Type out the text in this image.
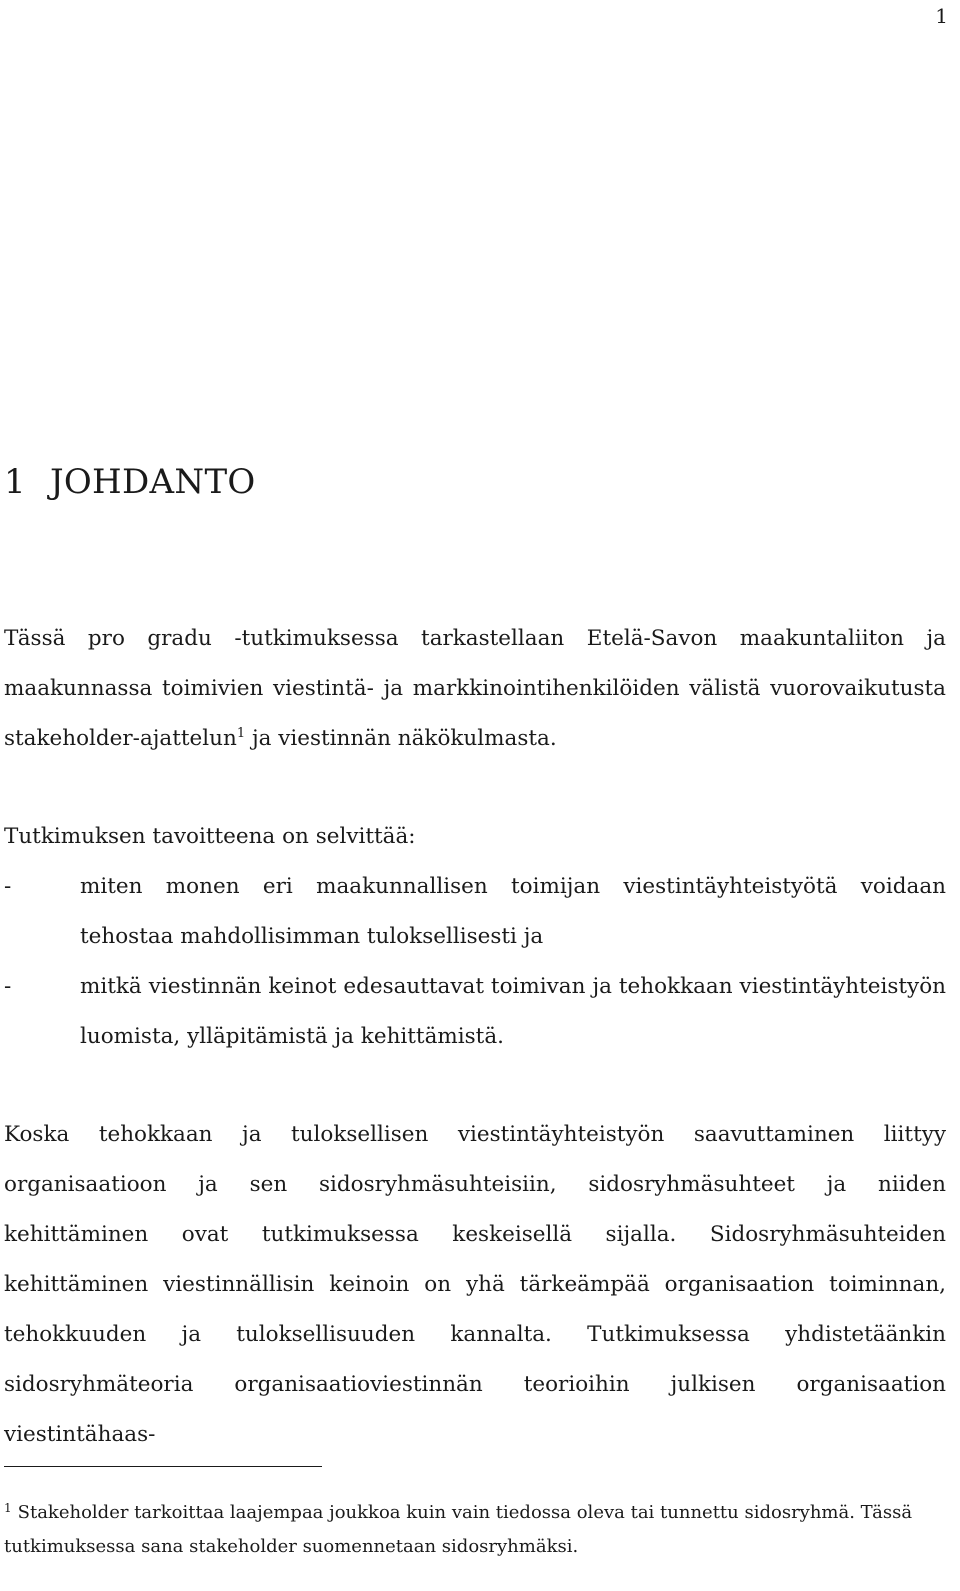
1
1 JOHDANTO

Tässä pro gradu -tutkimuksessa tarkastellaan Etelä-Savon maakuntaliiton ja maakunnassa toimivien viestintä- ja markkinointihenkilöiden välistä vuorovaikutusta stakeholder-ajattelun$^1$ ja viestinnän näkökulmasta.

Tutkimuksen tavoitteena on selvittää:

-	miten monen eri maakunnallisen toimijan viestintäyhteistyötä voidaan tehostaa mahdollisimman tuloksellisesti ja
-	mitkä viestinnän keinot edesauttavat toimivan ja tehokkaan viestintäyhteistyön luomista, ylläpitämistä ja kehittämistä.

Koska tehokkaan ja tuloksellisen viestintäyhteistyön saavuttaminen liittyy organisaatioon ja sen sidosryhmäsuhteisiin, sidosryhmäsuhteet ja niiden kehittäminen ovat tutkimuksessa keskeisellä sijalla. Sidosryhmäsuhteiden kehittäminen viestinnällisin keinoin on yhä tärkeämpää organisaation toiminnan, tehokkuuden ja tuloksellisuuden kannalta. Tutkimuksessa yhdistetäänkin sidosryhmäteoria organisaatioviestinnän teorioihin julkisen organisaation viestintähaas-

$^1$ Stakeholder tarkoittaa laajempaa joukkoa kuin vain tiedossa oleva tai tunnettu sidosryhmä. Tässä tutkimuksessa sana stakeholder suomennetaan sidosryhmäksi.
